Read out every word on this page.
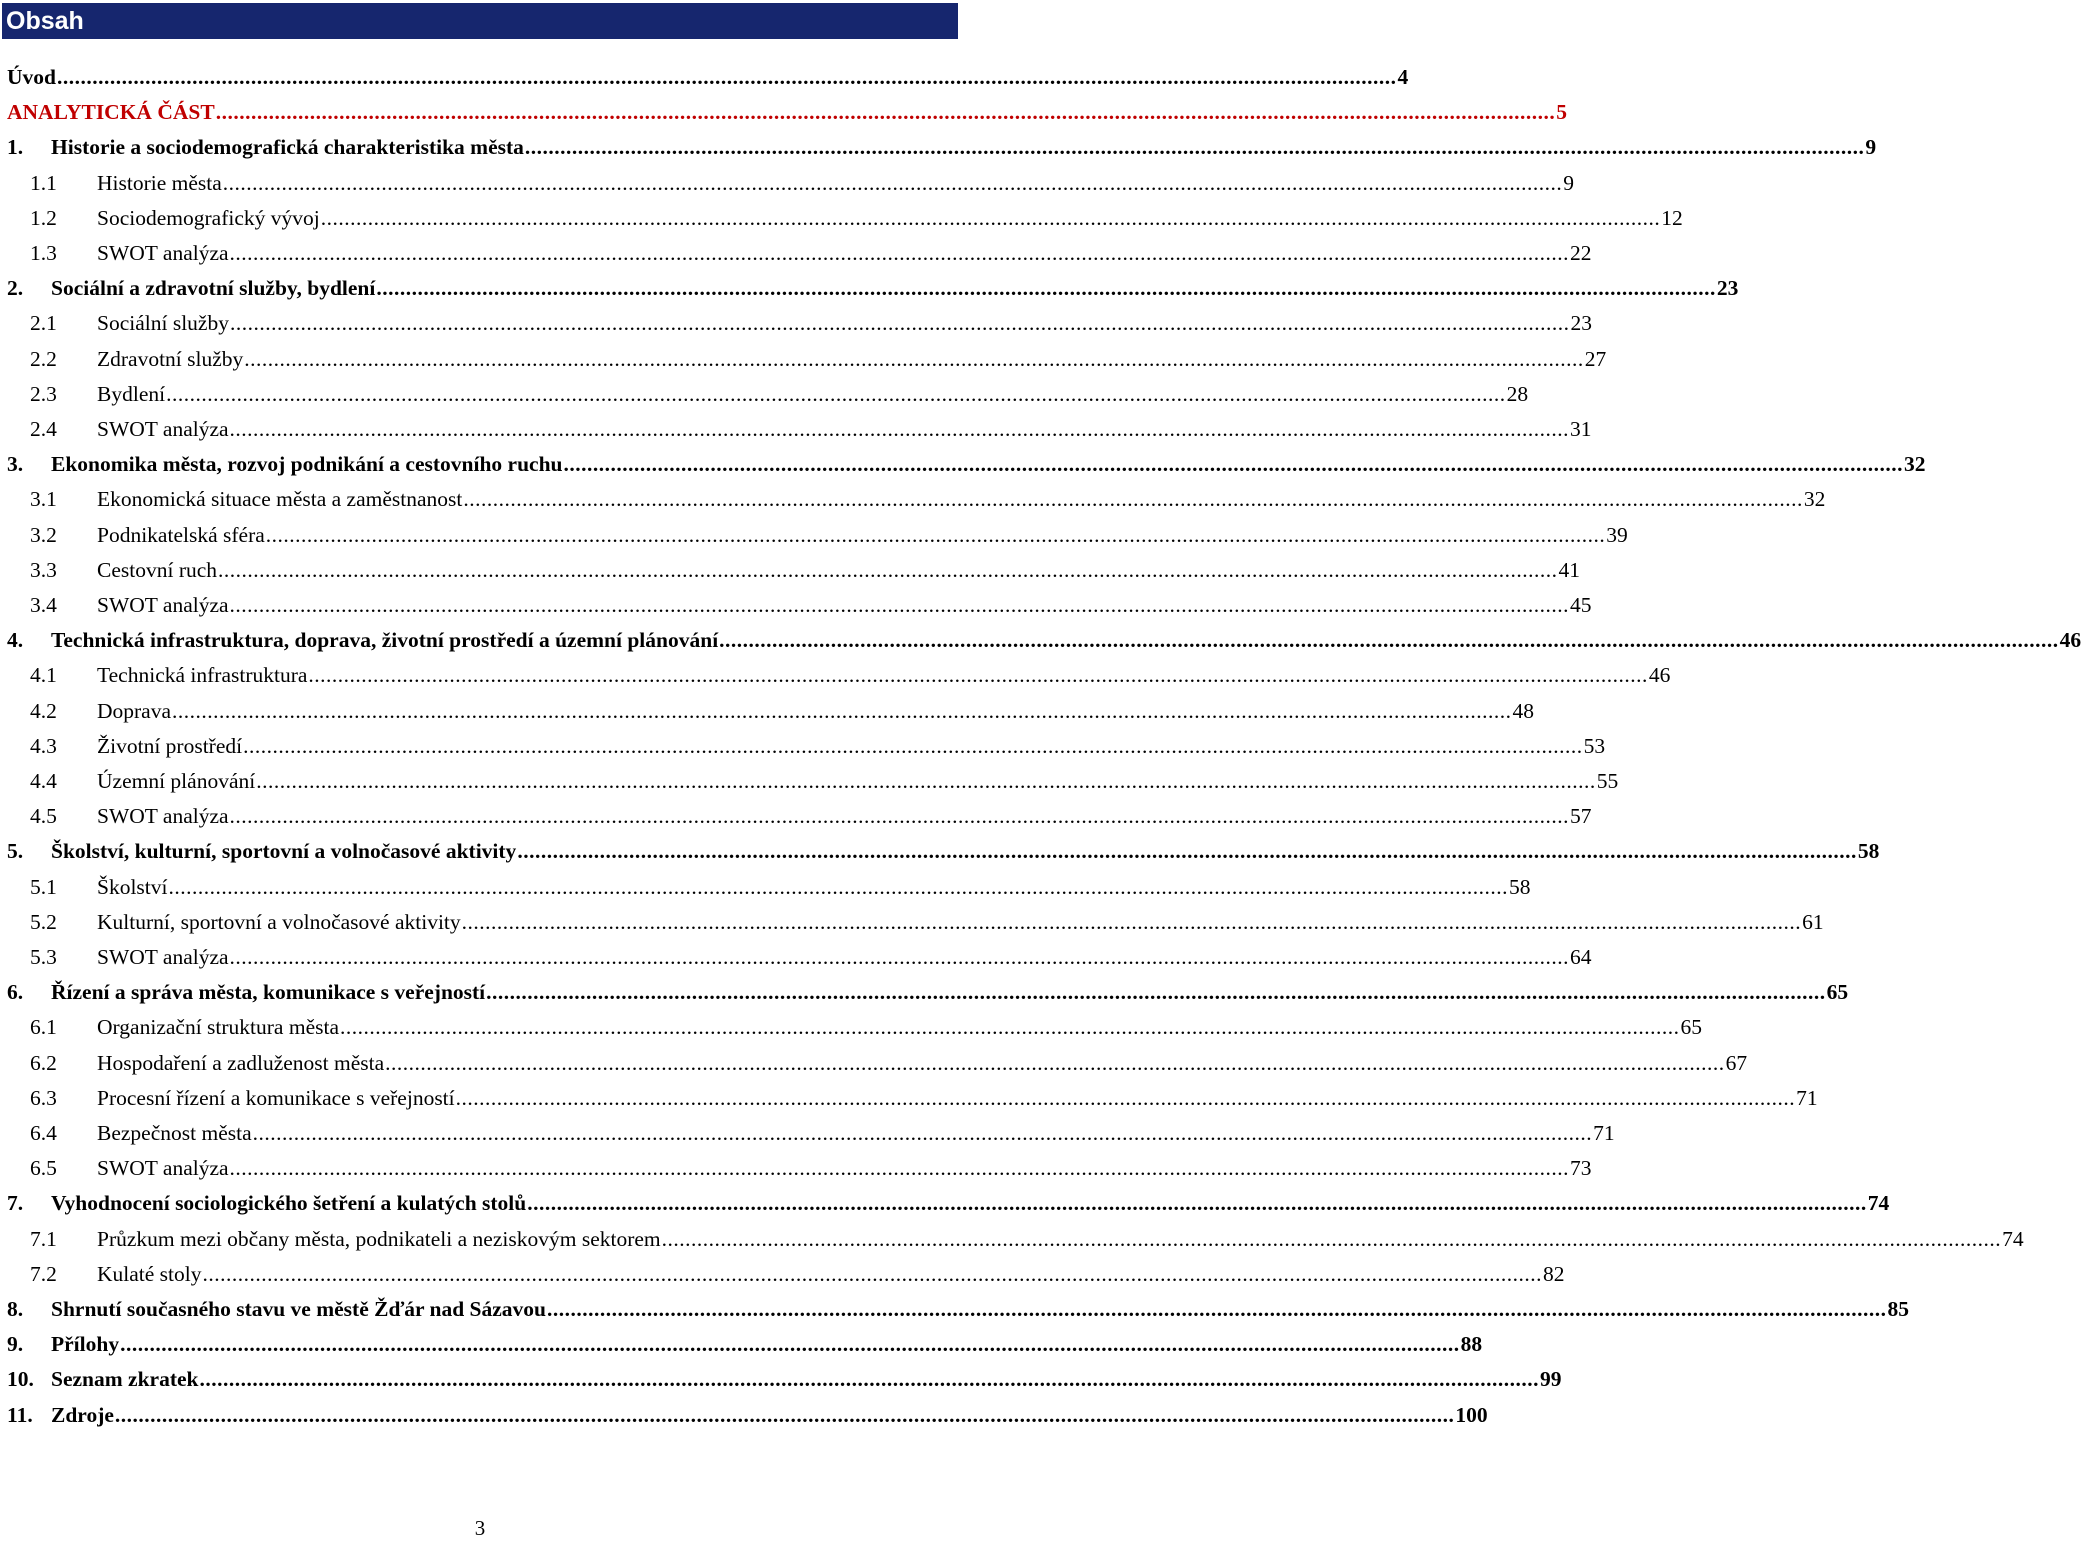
Obsah
Úvod .....	4
ANALYTICKÁ ČÁST .....	5
1.	Historie a sociodemografická charakteristika města .....	9
1.1	Historie města .....	9
1.2	Sociodemografický vývoj .....	12
1.3	SWOT analýza .....	22
2.	Sociální a zdravotní služby, bydlení .....	23
2.1	Sociální služby .....	23
2.2	Zdravotní služby .....	27
2.3	Bydlení .....	28
2.4	SWOT analýza .....	31
3.	Ekonomika města, rozvoj podnikání a cestovního ruchu .....	32
3.1	Ekonomická situace města a zaměstnanost .....	32
3.2	Podnikatelská sféra .....	39
3.3	Cestovní ruch .....	41
3.4	SWOT analýza .....	45
4.	Technická infrastruktura, doprava, životní prostředí a územní plánování .....	46
4.1	Technická infrastruktura .....	46
4.2	Doprava .....	48
4.3	Životní prostředí .....	53
4.4	Územní plánování .....	55
4.5	SWOT analýza .....	57
5.	Školství, kulturní, sportovní a volnočasové aktivity .....	58
5.1	Školství .....	58
5.2	Kulturní, sportovní a volnočasové aktivity .....	61
5.3	SWOT analýza .....	64
6.	Řízení a správa města, komunikace s veřejností .....	65
6.1	Organizační struktura města .....	65
6.2	Hospodaření a zadluženost města .....	67
6.3	Procesní řízení a komunikace s veřejností .....	71
6.4	Bezpečnost města .....	71
6.5	SWOT analýza .....	73
7.	Vyhodnocení sociologického šetření a kulatých stolů .....	74
7.1	Průzkum mezi občany města, podnikateli a neziskovým sektorem .....	74
7.2	Kulaté stoly .....	82
8.	Shrnutí současného stavu ve městě Žďár nad Sázavou .....	85
9.	Přílohy .....	88
10. Seznam zkratek .....	99
11. Zdroje .....	100
3
